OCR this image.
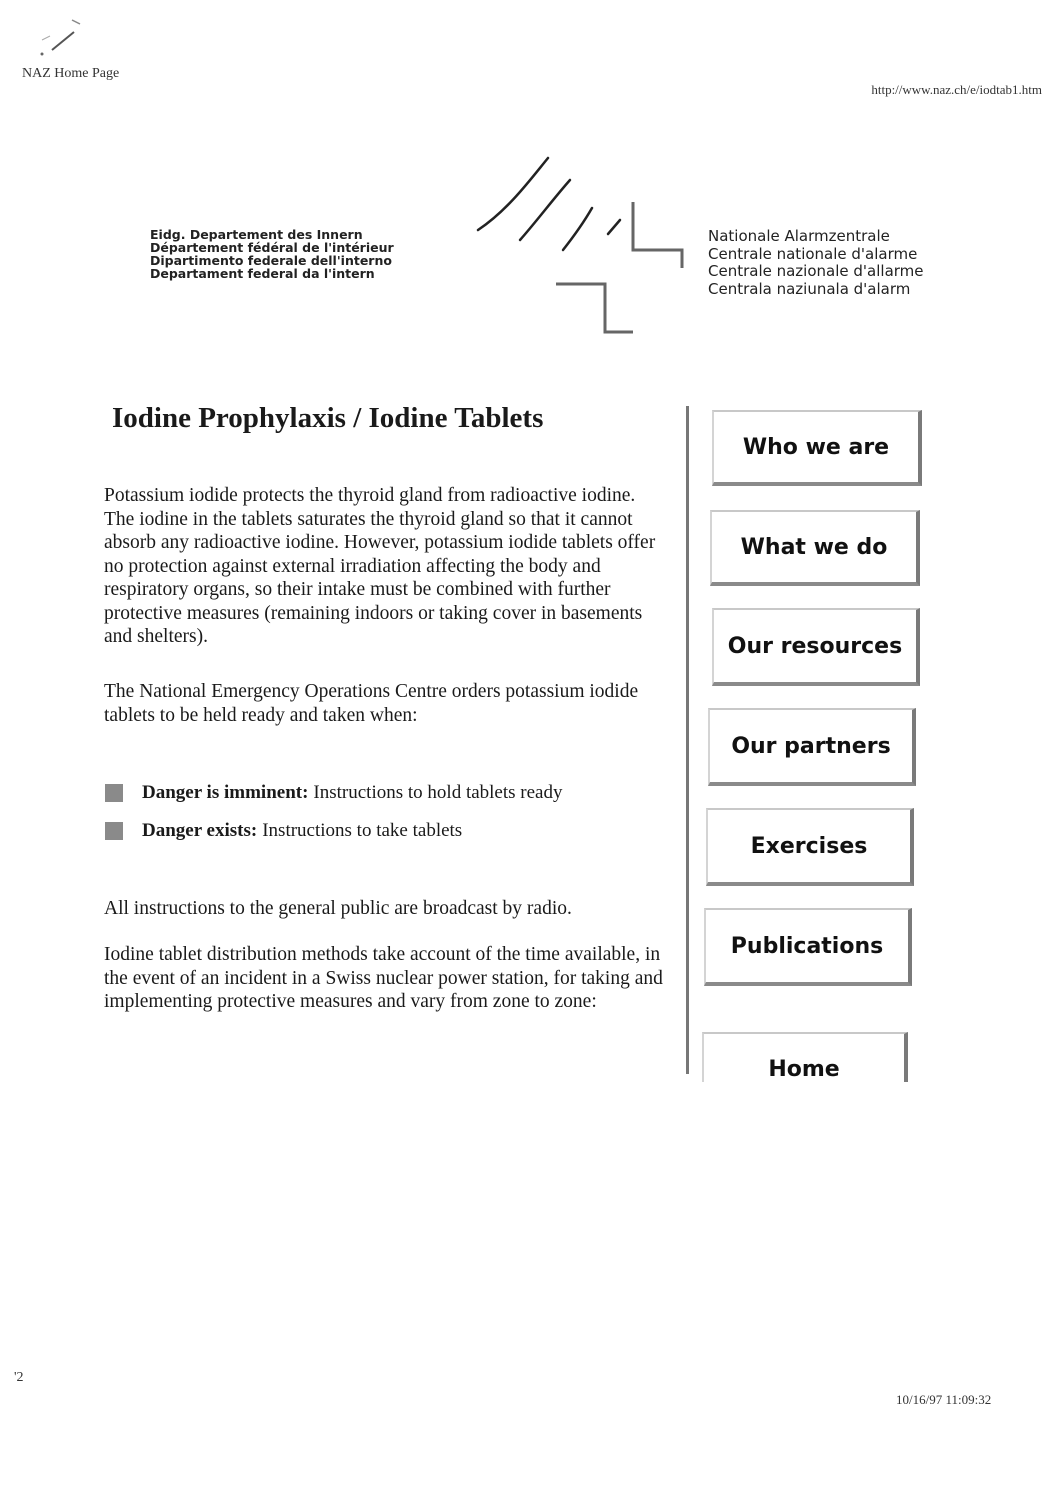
NAZ Home Page
http://www.naz.ch/e/iodtab1.htm
Eidg. Departement des Innern
Département fédéral de l'intérieur
Dipartimento federale dell'interno
Departament federal da l'intern
Nationale Alarmzentrale
Centrale nationale d'alarme
Centrale nazionale d'allarme
Centrala naziunala d'alarm
Iodine Prophylaxis / Iodine Tablets

Potassium iodide protects the thyroid gland from radioactive iodine. The iodine in the tablets saturates the thyroid gland so that it cannot absorb any radioactive iodine. However, potassium iodide tablets offer no protection against external irradiation affecting the body and respiratory organs, so their intake must be combined with further protective measures (remaining indoors or taking cover in basements and shelters).

The National Emergency Operations Centre orders potassium iodide tablets to be held ready and taken when:

Danger is imminent: Instructions to hold tablets ready
Danger exists: Instructions to take tablets

All instructions to the general public are broadcast by radio.

Iodine tablet distribution methods take account of the time available, in the event of an incident in a Swiss nuclear power station, for taking and implementing protective measures and vary from zone to zone:

Who we are
What we do
Our resources
Our partners
Exercises
Publications
Home
'2
10/16/97 11:09:32
